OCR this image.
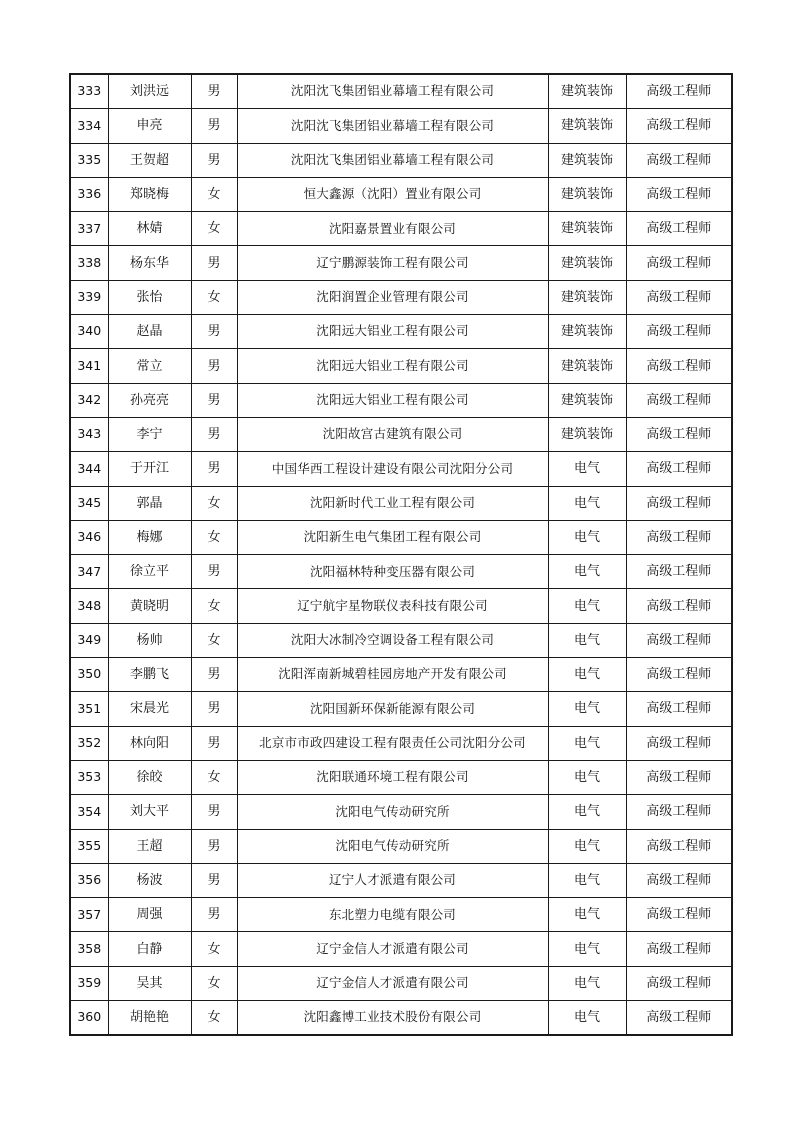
333	刘洪远	男	沈阳沈飞集团铝业幕墙工程有限公司	建筑装饰	高级工程师
334	申亮	男	沈阳沈飞集团铝业幕墙工程有限公司	建筑装饰	高级工程师
335	王贺超	男	沈阳沈飞集团铝业幕墙工程有限公司	建筑装饰	高级工程师
336	郑晓梅	女	恒大鑫源（沈阳）置业有限公司	建筑装饰	高级工程师
337	林婧	女	沈阳嘉景置业有限公司	建筑装饰	高级工程师
338	杨东华	男	辽宁鹏源装饰工程有限公司	建筑装饰	高级工程师
339	张怡	女	沈阳润置企业管理有限公司	建筑装饰	高级工程师
340	赵晶	男	沈阳远大铝业工程有限公司	建筑装饰	高级工程师
341	常立	男	沈阳远大铝业工程有限公司	建筑装饰	高级工程师
342	孙亮亮	男	沈阳远大铝业工程有限公司	建筑装饰	高级工程师
343	李宁	男	沈阳故宫古建筑有限公司	建筑装饰	高级工程师
344	于开江	男	中国华西工程设计建设有限公司沈阳分公司	电气	高级工程师
345	郭晶	女	沈阳新时代工业工程有限公司	电气	高级工程师
346	梅娜	女	沈阳新生电气集团工程有限公司	电气	高级工程师
347	徐立平	男	沈阳福林特种变压器有限公司	电气	高级工程师
348	黄晓明	女	辽宁航宇星物联仪表科技有限公司	电气	高级工程师
349	杨帅	女	沈阳大冰制冷空调设备工程有限公司	电气	高级工程师
350	李鹏飞	男	沈阳浑南新城碧桂园房地产开发有限公司	电气	高级工程师
351	宋晨光	男	沈阳国新环保新能源有限公司	电气	高级工程师
352	林向阳	男	北京市市政四建设工程有限责任公司沈阳分公司	电气	高级工程师
353	徐皎	女	沈阳联通环境工程有限公司	电气	高级工程师
354	刘大平	男	沈阳电气传动研究所	电气	高级工程师
355	王超	男	沈阳电气传动研究所	电气	高级工程师
356	杨波	男	辽宁人才派遣有限公司	电气	高级工程师
357	周强	男	东北塑力电缆有限公司	电气	高级工程师
358	白静	女	辽宁金信人才派遣有限公司	电气	高级工程师
359	吴其	女	辽宁金信人才派遣有限公司	电气	高级工程师
360	胡艳艳	女	沈阳鑫博工业技术股份有限公司	电气	高级工程师
